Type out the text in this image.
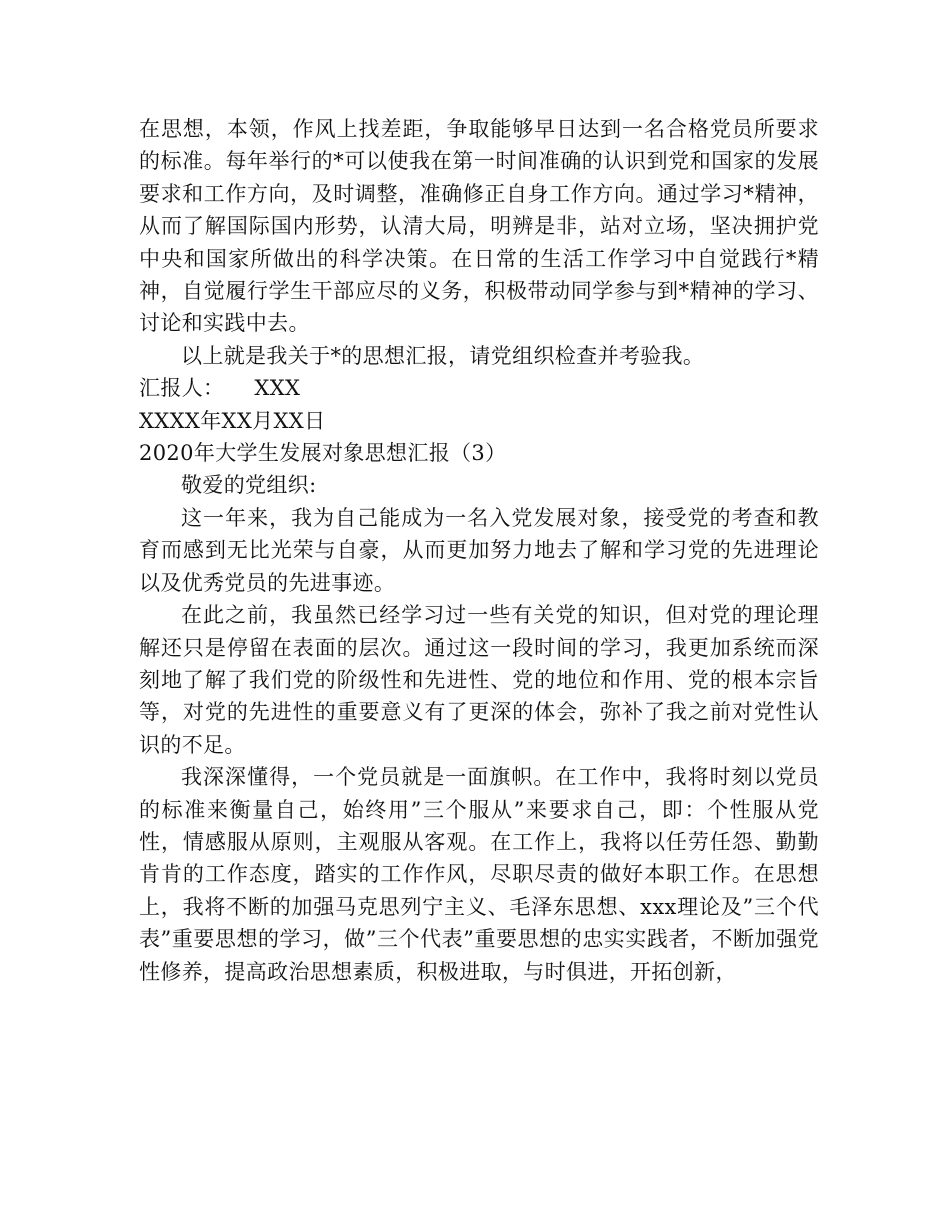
在思想，本领，作风上找差距，争取能够早日达到一名合格党员所要求的标准。每年举行的*可以使我在第一时间准确的认识到党和国家的发展要求和工作方向，及时调整，准确修正自身工作方向。通过学习*精神，从而了解国际国内形势，认清大局，明辨是非，站对立场，坚决拥护党中央和国家所做出的科学决策。在日常的生活工作学习中自觉践行*精神，自觉履行学生干部应尽的义务，积极带动同学参与到*精神的学习、讨论和实践中去。

以上就是我关于*的思想汇报，请党组织检查并考验我。

汇报人： XXX

XXXX年XX月XX日

2020年大学生发展对象思想汇报（3）

敬爱的党组织:

这一年来，我为自己能成为一名入党发展对象，接受党的考查和教育而感到无比光荣与自豪，从而更加努力地去了解和学习党的先进理论以及优秀党员的先进事迹。

在此之前，我虽然已经学习过一些有关党的知识，但对党的理论理解还只是停留在表面的层次。通过这一段时间的学习，我更加系统而深刻地了解了我们党的阶级性和先进性、党的地位和作用、党的根本宗旨等，对党的先进性的重要意义有了更深的体会，弥补了我之前对党性认识的不足。

我深深懂得，一个党员就是一面旗帜。在工作中，我将时刻以党员的标准来衡量自己，始终用”三个服从”来要求自己，即：个性服从党性，情感服从原则，主观服从客观。在工作上，我将以任劳任怨、勤勤肯肯的工作态度，踏实的工作作风，尽职尽责的做好本职工作。在思想上，我将不断的加强马克思列宁主义、毛泽东思想、xxx理论及”三个代表”重要思想的学习，做”三个代表”重要思想的忠实实践者，不断加强党性修养，提高政治思想素质，积极进取，与时俱进，开拓创新，
